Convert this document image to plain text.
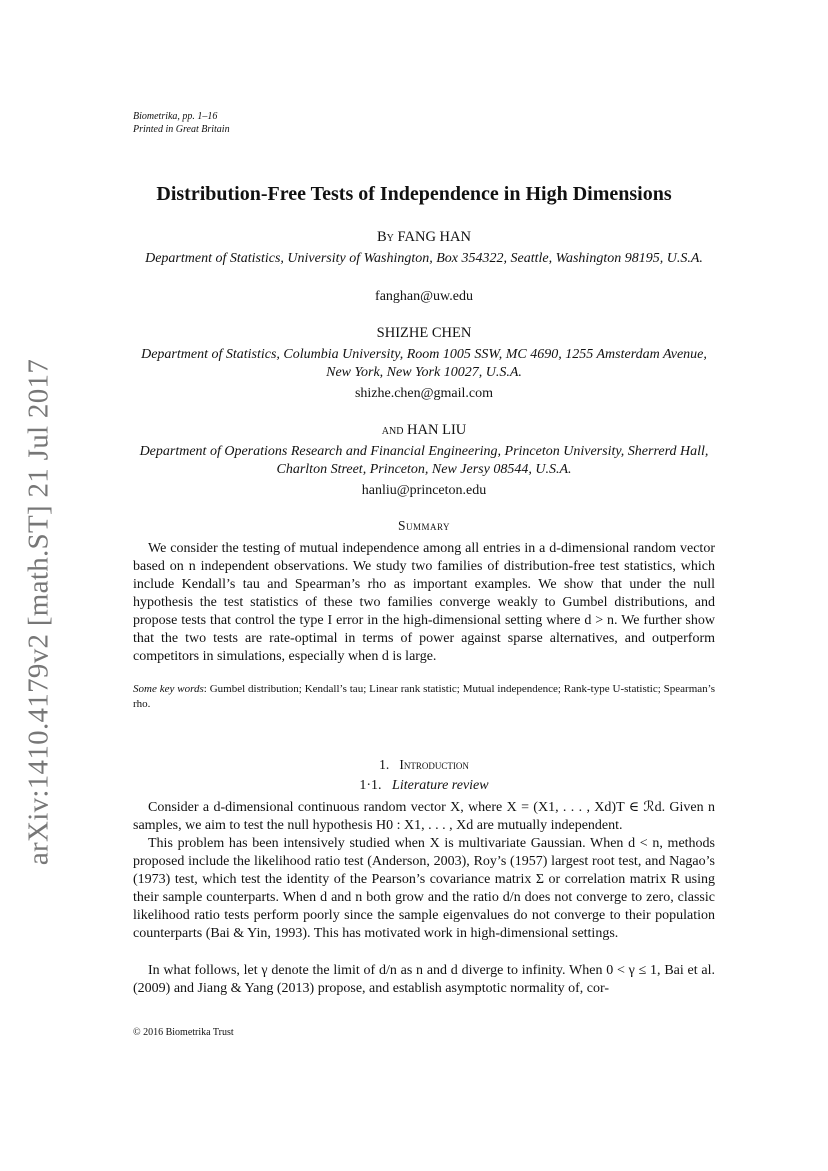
Biometrika, pp. 1–16
Printed in Great Britain
arXiv:1410.4179v2 [math.ST] 21 Jul 2017
Distribution-Free Tests of Independence in High Dimensions
By FANG HAN
Department of Statistics, University of Washington, Box 354322, Seattle, Washington 98195, U.S.A.
fanghan@uw.edu
SHIZHE CHEN
Department of Statistics, Columbia University, Room 1005 SSW, MC 4690, 1255 Amsterdam Avenue, New York, New York 10027, U.S.A.
shizhe.chen@gmail.com
and HAN LIU
Department of Operations Research and Financial Engineering, Princeton University, Sherrerd Hall, Charlton Street, Princeton, New Jersy 08544, U.S.A.
hanliu@princeton.edu
Summary
We consider the testing of mutual independence among all entries in a d-dimensional random vector based on n independent observations. We study two families of distribution-free test statistics, which include Kendall’s tau and Spearman’s rho as important examples. We show that under the null hypothesis the test statistics of these two families converge weakly to Gumbel distributions, and propose tests that control the type I error in the high-dimensional setting where d > n. We further show that the two tests are rate-optimal in terms of power against sparse alternatives, and outperform competitors in simulations, especially when d is large.
Some key words: Gumbel distribution; Kendall’s tau; Linear rank statistic; Mutual independence; Rank-type U-statistic; Spearman’s rho.
1. Introduction
1·1. Literature review
Consider a d-dimensional continuous random vector X, where X = (X1, . . . , Xd)T ∈ ℛd. Given n samples, we aim to test the null hypothesis H0 : X1, . . . , Xd are mutually independent.
This problem has been intensively studied when X is multivariate Gaussian. When d < n, methods proposed include the likelihood ratio test (Anderson, 2003), Roy’s (1957) largest root test, and Nagao’s (1973) test, which test the identity of the Pearson’s covariance matrix Σ or correlation matrix R using their sample counterparts. When d and n both grow and the ratio d/n does not converge to zero, classic likelihood ratio tests perform poorly since the sample eigenvalues do not converge to their population counterparts (Bai & Yin, 1993). This has motivated work in high-dimensional settings.
In what follows, let γ denote the limit of d/n as n and d diverge to infinity. When 0 < γ ≤ 1, Bai et al. (2009) and Jiang & Yang (2013) propose, and establish asymptotic normality of, cor-
© 2016 Biometrika Trust
